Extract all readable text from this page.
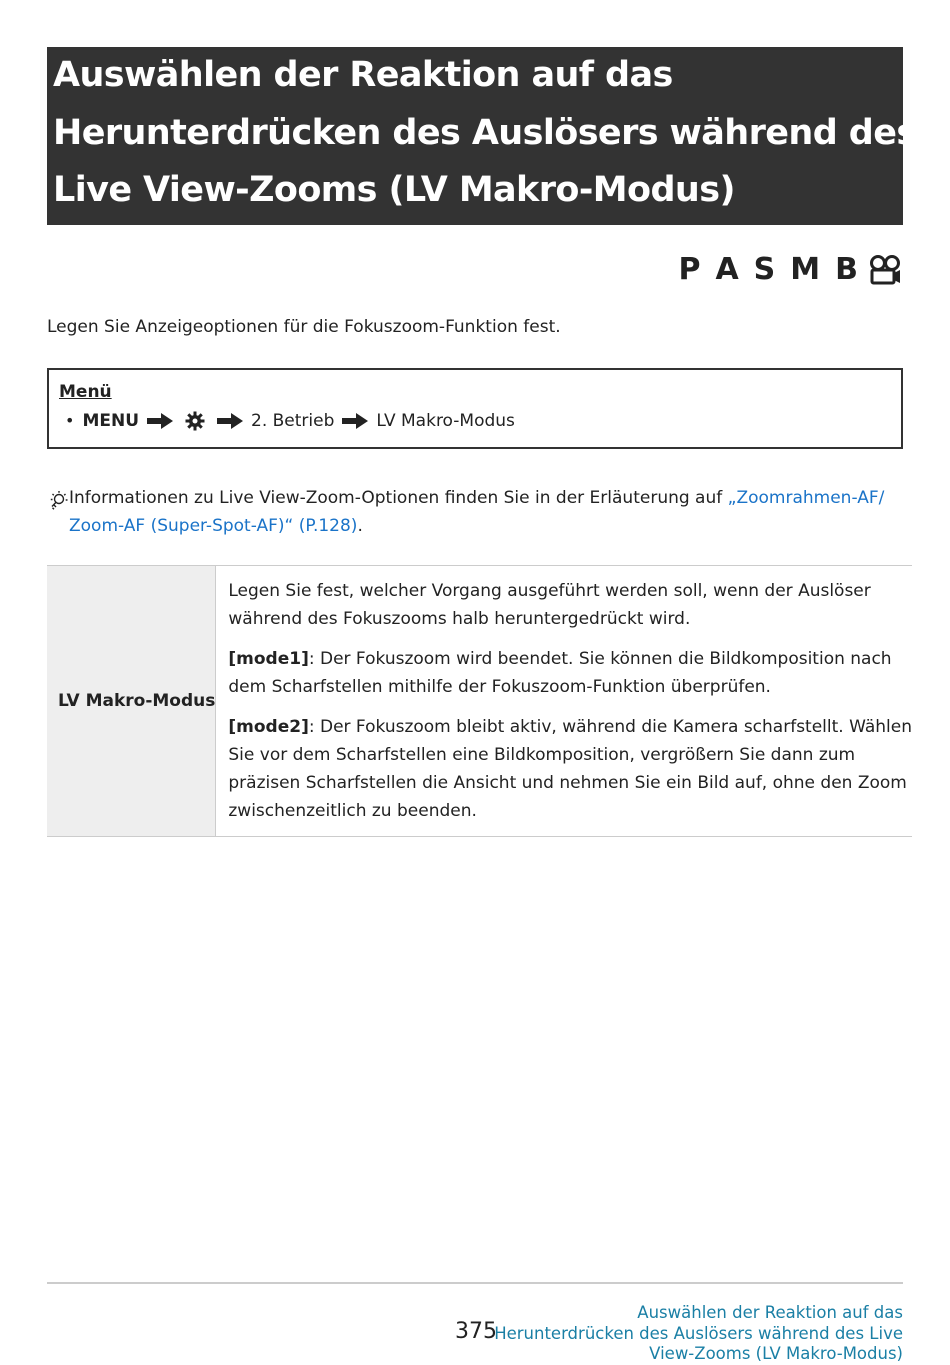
Auswählen der Reaktion auf das
Herunterdrücken des Auslösers während des
Live View-Zooms (LV Makro-Modus)
P A S M B

Legen Sie Anzeigeoptionen für die Fokuszoom-Funktion fest.

Menü
• MENU	2. Betrieb LV Makro-Modus
Informationen zu Live View-Zoom-Optionen finden Sie in der Erläuterung auf „Zoomrahmen-AF/
Zoom-AF (Super-Spot-AF)“ (P.128).
LV Makro-Modus	

Legen Sie fest, welcher Vorgang ausgeführt werden soll, wenn der Auslöser
während des Fokuszooms halb heruntergedrückt wird.

[mode1]: Der Fokuszoom wird beendet. Sie können die Bildkomposition nach
dem Scharfstellen mithilfe der Fokuszoom-Funktion überprüfen.

[mode2]: Der Fokuszoom bleibt aktiv, während die Kamera scharfstellt. Wählen
Sie vor dem Scharfstellen eine Bildkomposition, vergrößern Sie dann zum
präzisen Scharfstellen die Ansicht und nehmen Sie ein Bild auf, ohne den Zoom
zwischenzeitlich zu beenden.

375
Auswählen der Reaktion auf das
Herunterdrücken des Auslösers während des Live
View-Zooms (LV Makro-Modus)
